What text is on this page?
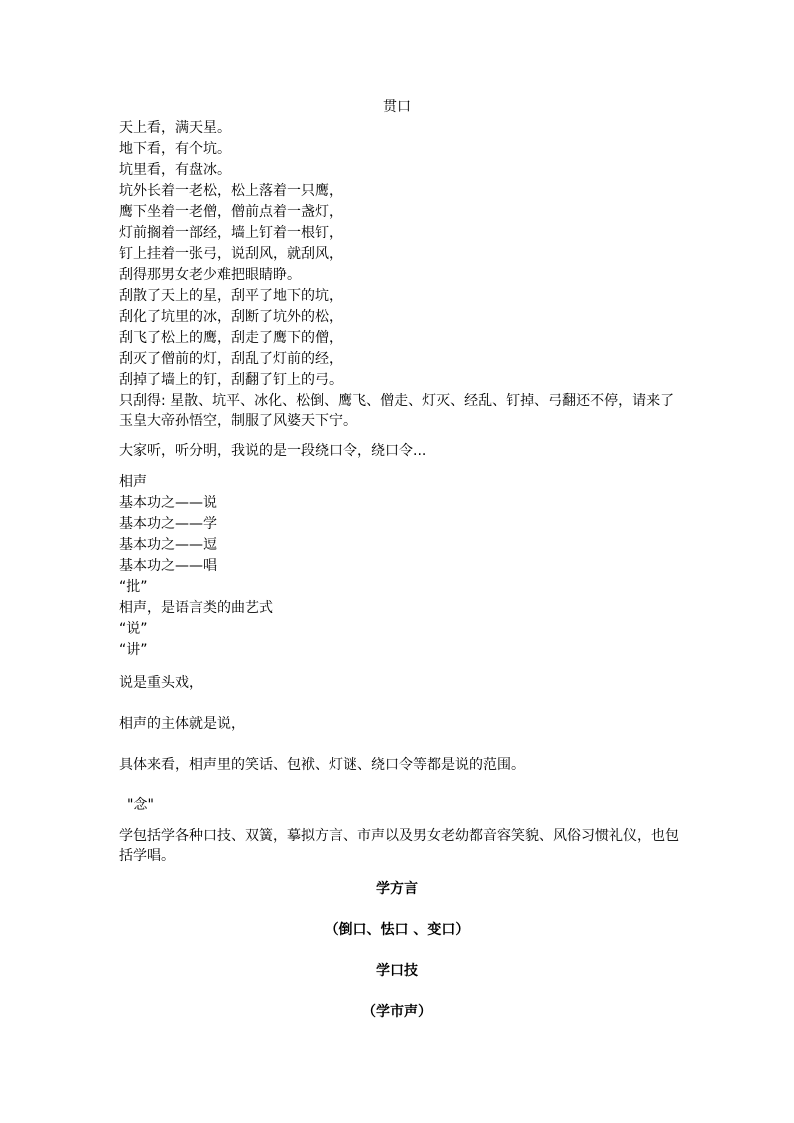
贯口
天上看，满天星。
地下看，有个坑。
坑里看，有盘冰。
坑外长着一老松，松上落着一只鹰，
鹰下坐着一老僧，僧前点着一盏灯，
灯前搁着一部经，墙上钉着一根钉，
钉上挂着一张弓，说刮风，就刮风，
刮得那男女老少难把眼睛睁。
刮散了天上的星，刮平了地下的坑，
刮化了坑里的冰，刮断了坑外的松，
刮飞了松上的鹰，刮走了鹰下的僧，
刮灭了僧前的灯，刮乱了灯前的经，
刮掉了墙上的钉，刮翻了钉上的弓。
只刮得: 星散、坑平、冰化、松倒、鹰飞、僧走、灯灭、经乱、钉掉、弓翻还不停，请来了玉皇大帝孙悟空，制服了风婆天下宁。
大家听，听分明，我说的是一段绕口令，绕口令...
相声
基本功之——说
基本功之——学
基本功之——逗
基本功之——唱
“批”
相声，是语言类的曲艺式
“说”
“讲”
说是重头戏，
相声的主体就是说，
具体来看，相声里的笑话、包袱、灯谜、绕口令等都是说的范围。
"念"
学包括学各种口技、双簧，摹拟方言、市声以及男女老幼都音容笑貌、风俗习惯礼仪，也包括学唱。
学方言
（倒口、怯口 、变口）
学口技
（学市声）
